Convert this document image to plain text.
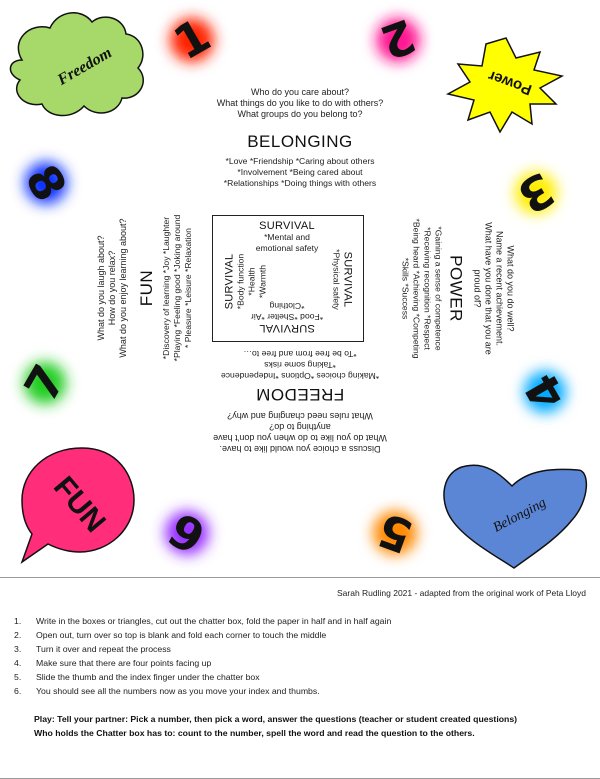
Freedom	Power
FUN	Belonging
1	2
3
4
5
6
7
8
Who do you care about?
What things do you like to do with others?
What groups do you belong to?
BELONGING
*Love *Friendship *Caring about others
*Involvement *Being cared about
*Relationships *Doing things with others
Discuss a choice you would like to have.
What do you like to do when you don't have
anything to do?
What rules need changing and why?
FREEDOM
*Making choices *Options *Independence
*Taking some risks
*To be free from and free to…
What do you do well?
Name a recent achievement.
What have you done that you are
proud of?
POWER
*Gaining a sense of competence
*Receiving recognition *Respect
*Being heard *Achieving *Competing
*Skills *Success
What do you laugh about? How do you relax? What do you enjoy learning about? FUN *Discovery of learning *Joy *Laughter *Playing *Feeling good *Joking around * Pleasure *Leisure *Relaxation
SURVIVAL
*Mental and
emotional safety
SURVIVAL
*Food *Shelter *Air
*Clothing	SURVIVAL
*Physical safety
SURVIVAL *Body function *Health *Warmth
Sarah Rudling 2021 - adapted from the original work of Peta Lloyd
1. Write in the boxes or triangles, cut out the chatter box, fold the paper in half and in half again
2. Open out, turn over so top is blank and fold each corner to touch the middle
3. Turn it over and repeat the process
4. Make sure that there are four points facing up
5. Slide the thumb and the index finger under the chatter box
6. You should see all the numbers now as you move your index and thumbs.
Play: Tell your partner: Pick a number, then pick a word, answer the questions (teacher or student created questions)
Who holds the Chatter box has to: count to the number, spell the word and read the question to the others.
